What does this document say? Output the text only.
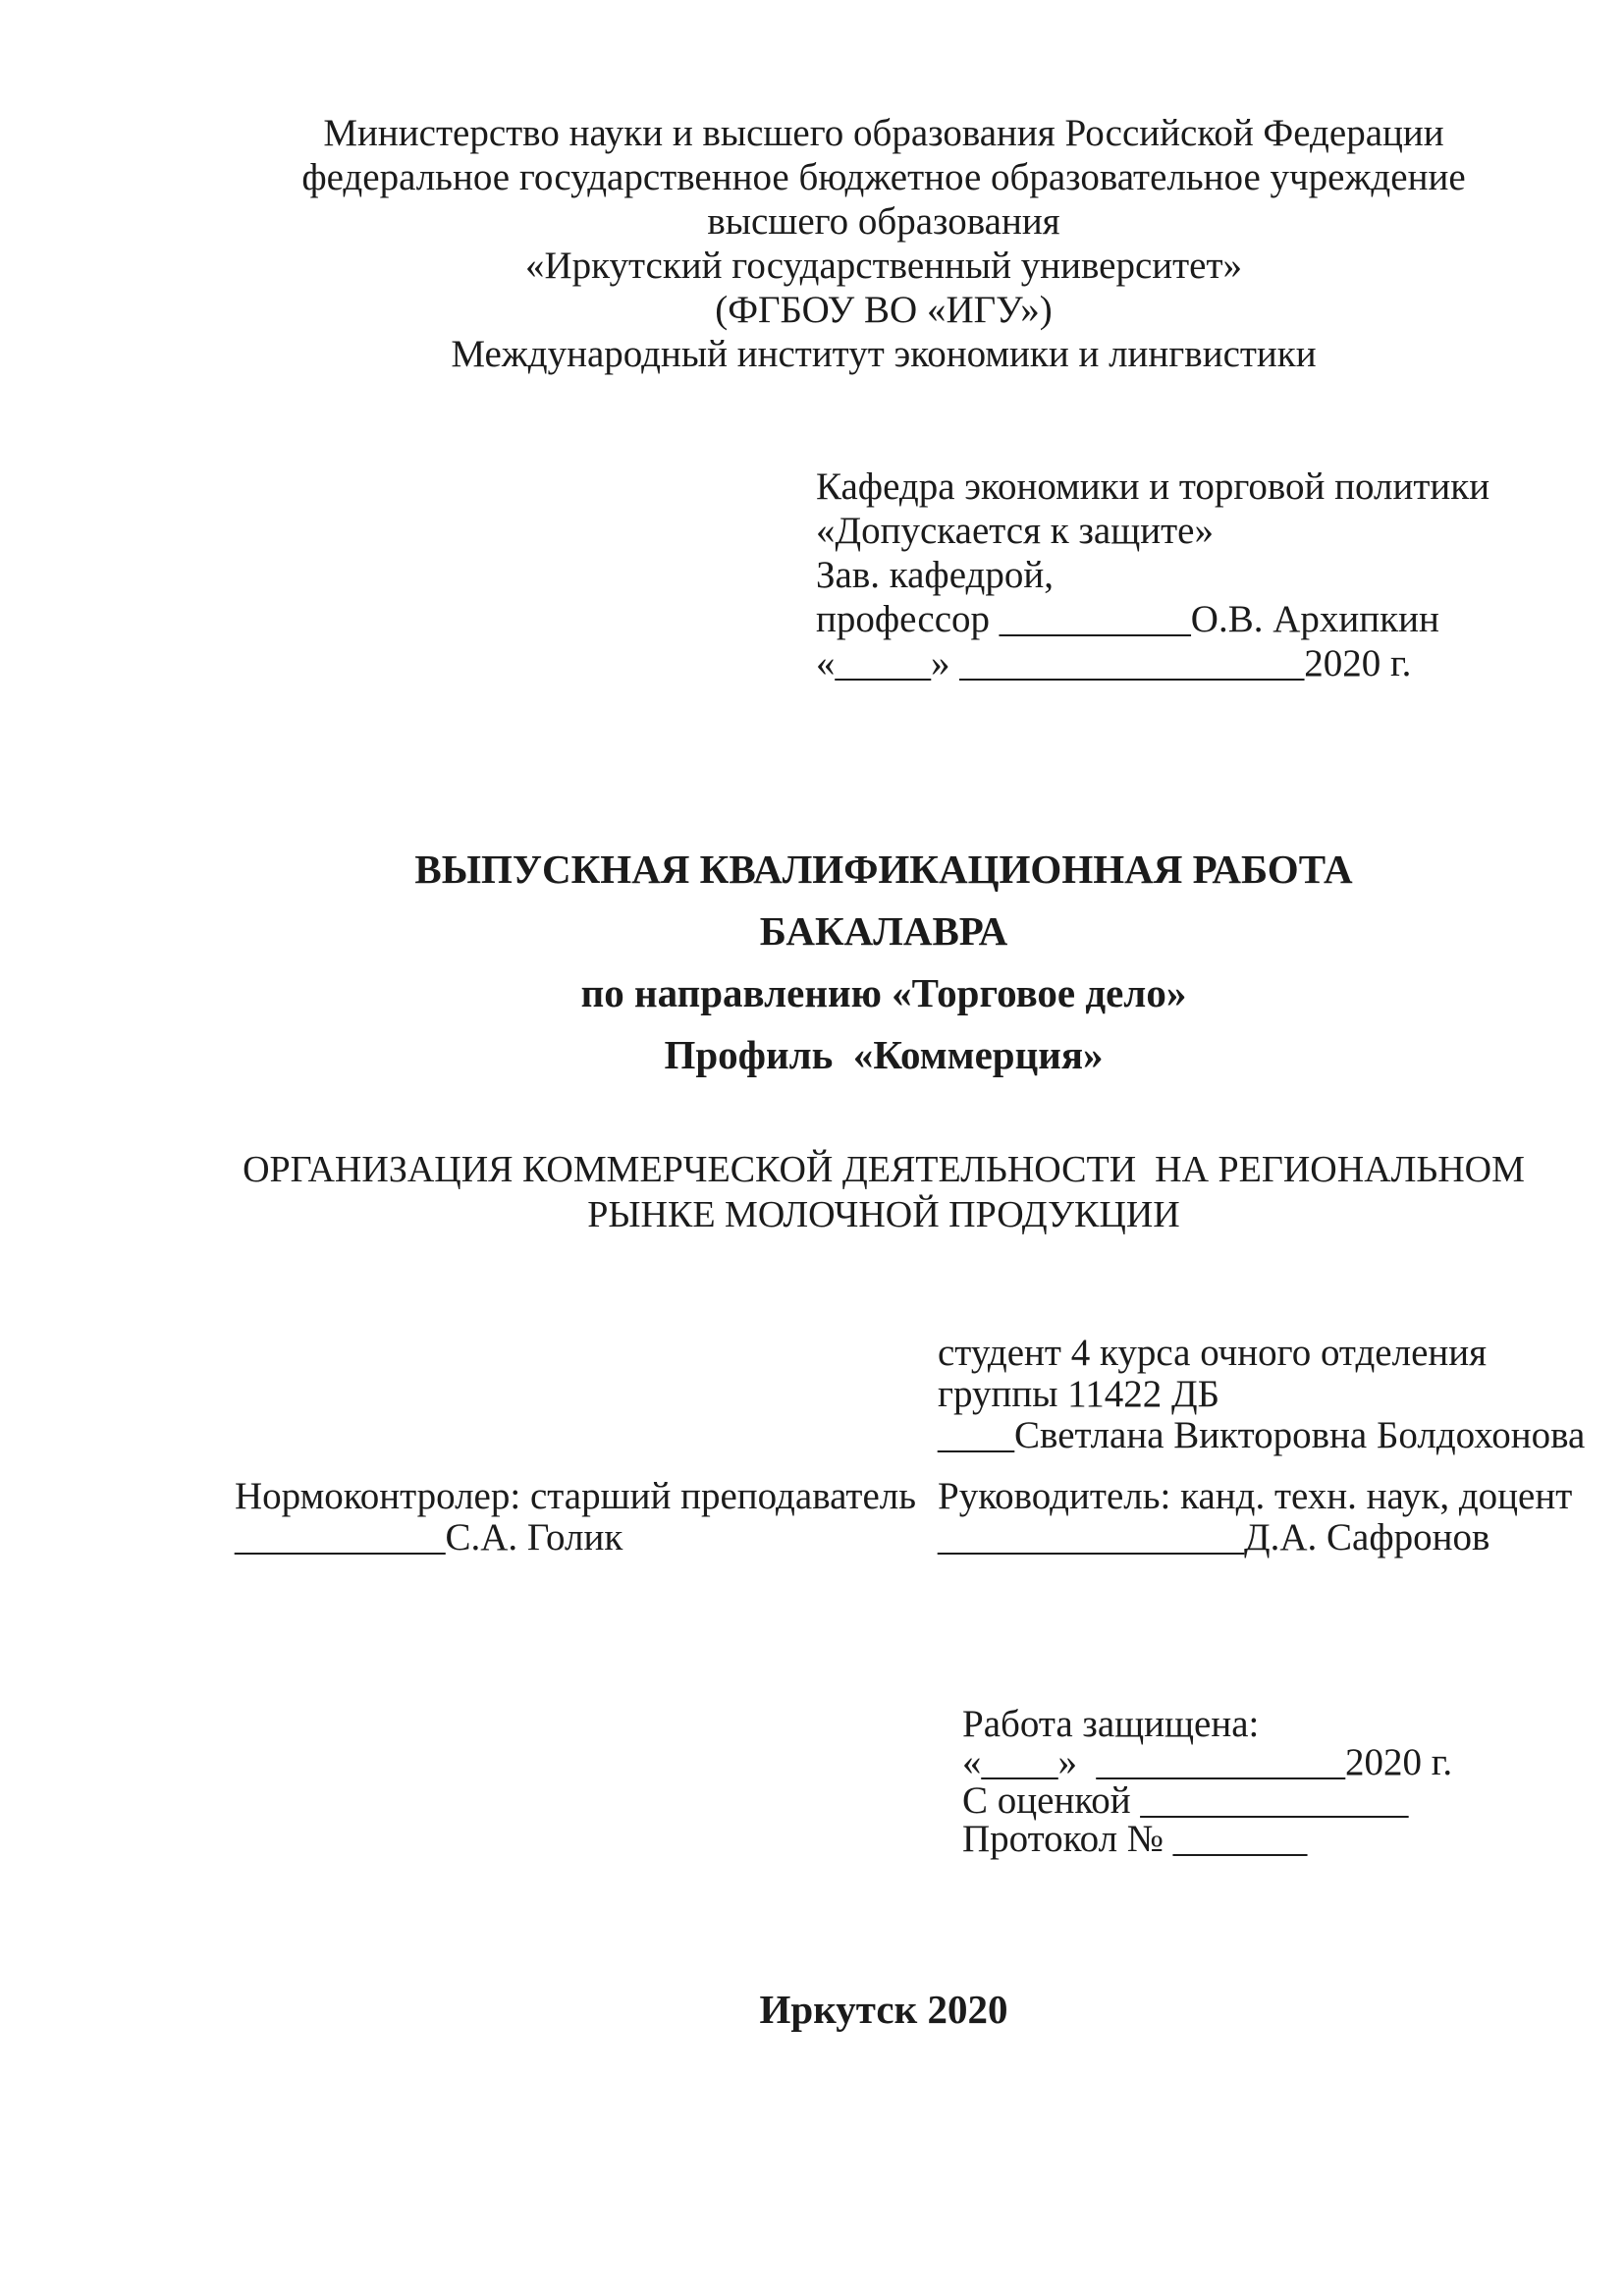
Министерство науки и высшего образования Российской Федерации
федеральное государственное бюджетное образовательное учреждение
высшего образования
«Иркутский государственный университет»
(ФГБОУ ВО «ИГУ»)
Международный институт экономики и лингвистики
Кафедра экономики и торговой политики
«Допускается к защите»
Зав. кафедрой,
профессор __________О.В. Архипкин
«_____» __________________2020 г.
ВЫПУСКНАЯ КВАЛИФИКАЦИОННАЯ РАБОТА
БАКАЛАВРА
по направлению «Торговое дело»
Профиль  «Коммерция»
ОРГАНИЗАЦИЯ КОММЕРЧЕСКОЙ ДЕЯТЕЛЬНОСТИ  НА РЕГИОНАЛЬНОМ
РЫНКЕ МОЛОЧНОЙ ПРОДУКЦИИ
студент 4 курса очного отделения
группы 11422 ДБ
____Светлана Викторовна Болдохонова
Нормоконтролер: старший преподаватель
___________С.А. Голик
Руководитель: канд. техн. наук, доцент
________________Д.А. Сафронов
Работа защищена:
«____»  _____________2020 г.
С оценкой ______________
Протокол № _______
Иркутск 2020
